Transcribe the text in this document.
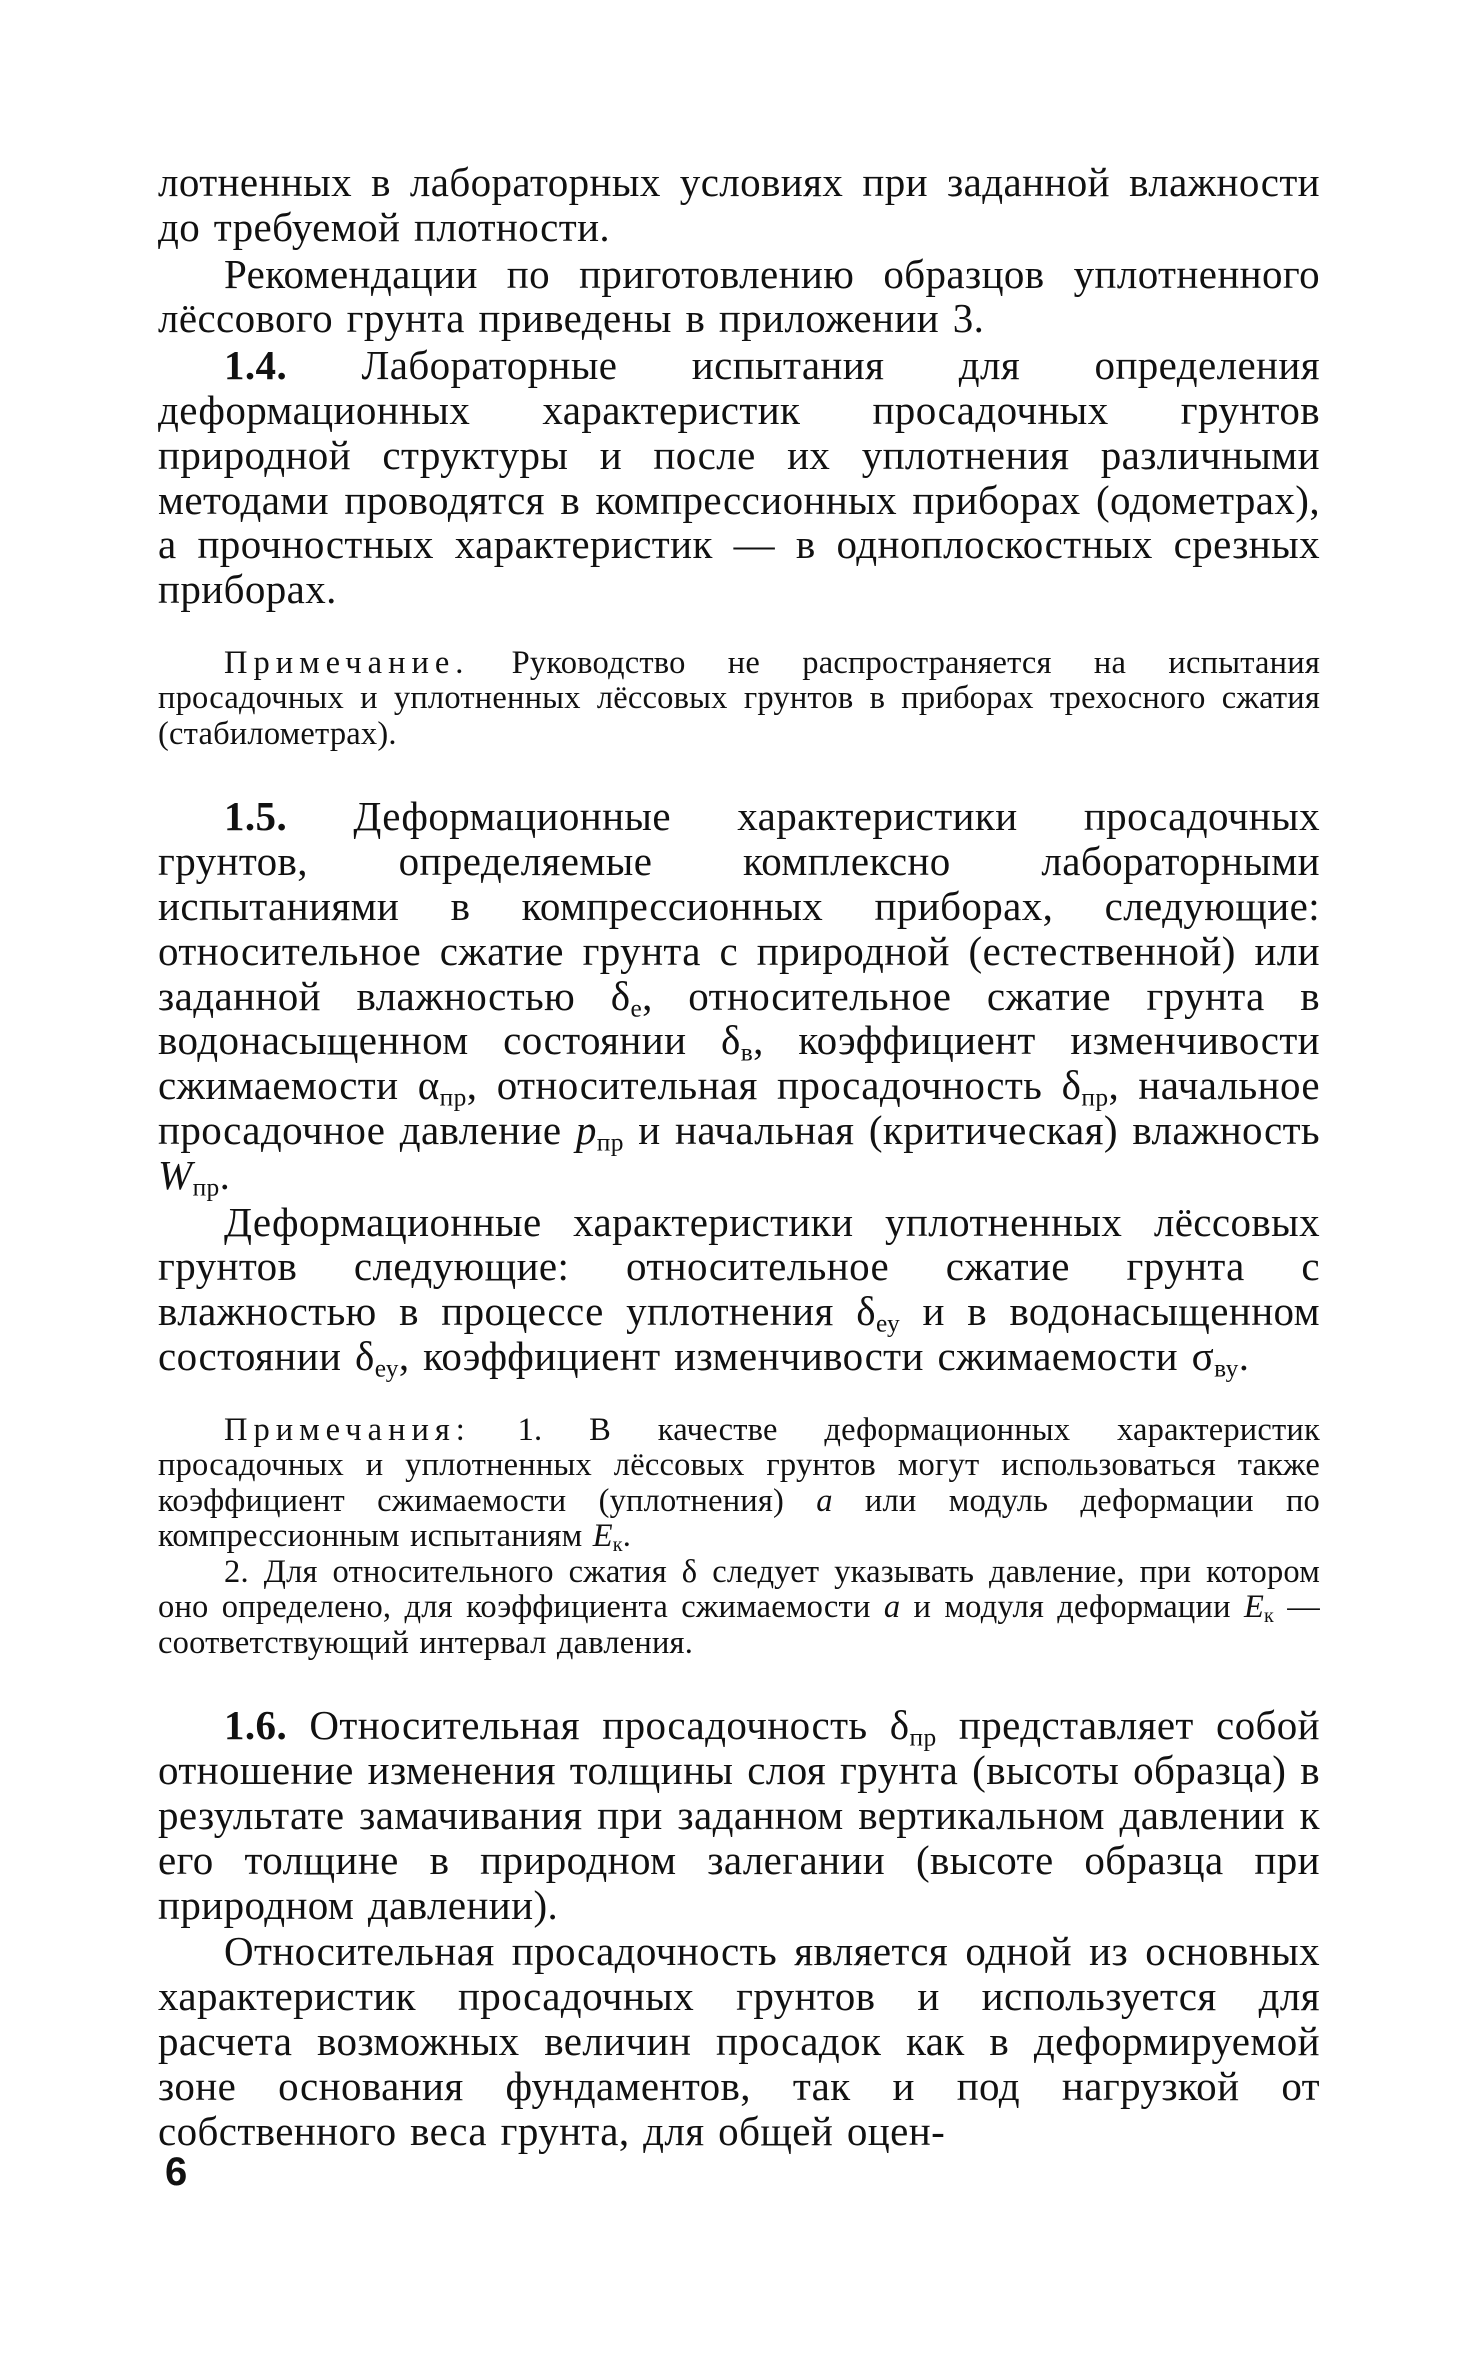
лотненных в лабораторных условиях при заданной влажности до требуемой плотности.

Рекомендации по приготовлению образцов уплотненного лёссового грунта приведены в приложении 3.

1.4. Лабораторные испытания для определения деформационных характеристик просадочных грунтов природной структуры и после их уплотнения различными методами проводятся в компрессионных приборах (одометрах), а прочностных характеристик — в одноплоскостных срезных приборах.

Примечание. Руководство не распространяется на испытания просадочных и уплотненных лёссовых грунтов в приборах трехосного сжатия (стабилометрах).

1.5. Деформационные характеристики просадочных грунтов, определяемые комплексно лабораторными испытаниями в компрессионных приборах, следующие: относительное сжатие грунта с природной (естественной) или заданной влажностью $\delta_e$, относительное сжатие грунта в водонасыщенном состоянии $\delta_в$, коэффициент изменчивости сжимаемости $\alpha_{пр}$, относительная просадочность $\delta_{пр}$, начальное просадочное давление $p_{пр}$ и начальная (критическая) влажность $W_{пр}$.

Деформационные характеристики уплотненных лёссовых грунтов следующие: относительное сжатие грунта с влажностью в процессе уплотнения $\delta_{еу}$ и в водонасыщенном состоянии $\delta_{еу}$, коэффициент изменчивости сжимаемости $\sigma_{ву}$.

Примечания: 1. В качестве деформационных характеристик просадочных и уплотненных лёссовых грунтов могут использоваться также коэффициент сжимаемости (уплотнения) a или модуль деформации по компрессионным испытаниям $E_к$.

2. Для относительного сжатия δ следует указывать давление, при котором оно определено, для коэффициента сжимаемости a и модуля деформации $E_к$ — соответствующий интервал давления.

1.6. Относительная просадочность $\delta_{пр}$ представляет собой отношение изменения толщины слоя грунта (высоты образца) в результате замачивания при заданном вертикальном давлении к его толщине в природном залегании (высоте образца при природном давлении).

Относительная просадочность является одной из основных характеристик просадочных грунтов и используется для расчета возможных величин просадок как в деформируемой зоне основания фундаментов, так и под нагрузкой от собственного веса грунта, для общей оцен-

6
